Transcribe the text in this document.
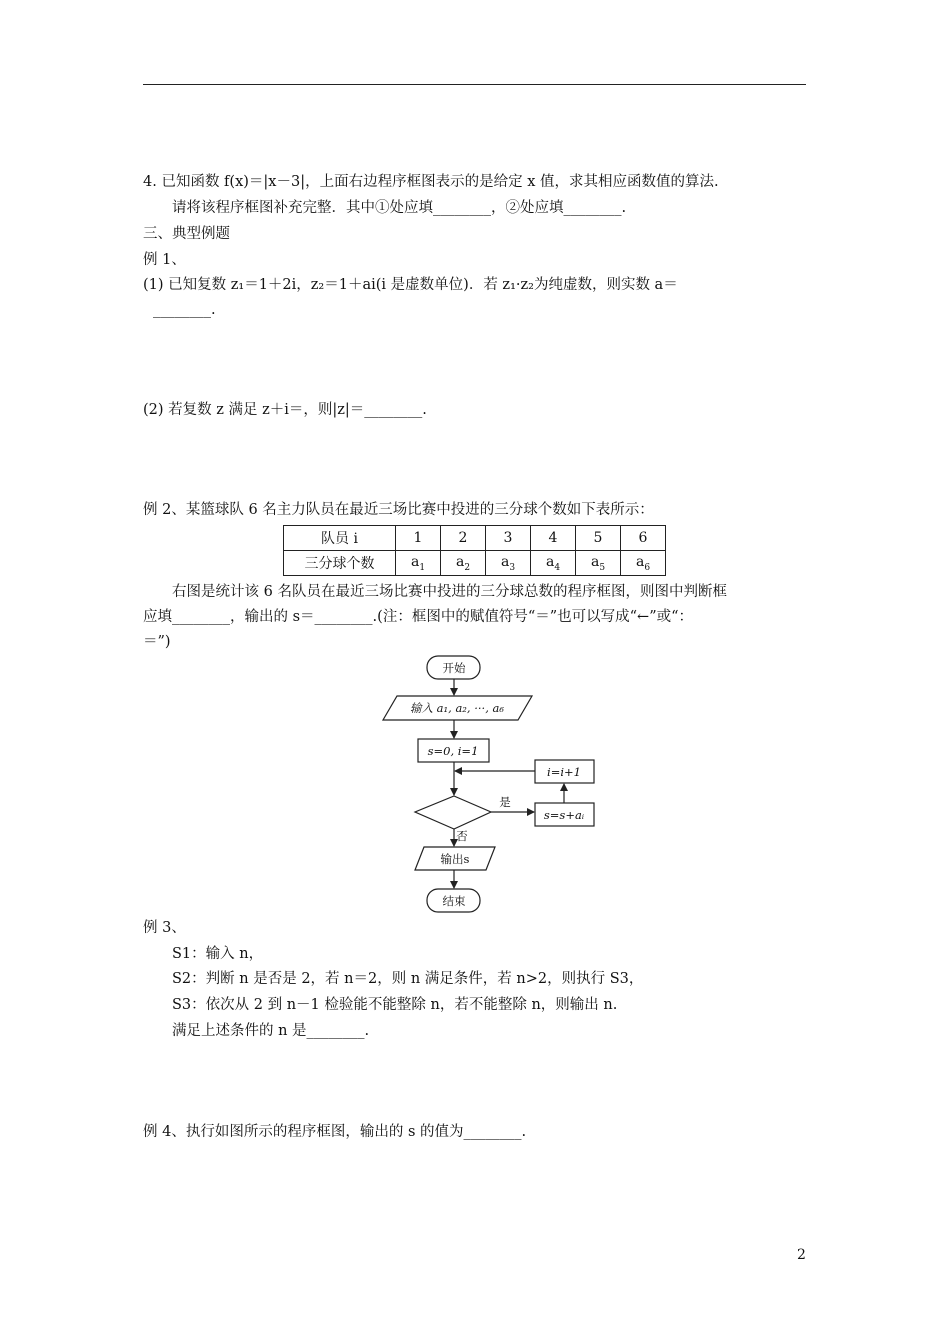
4. 已知函数 f(x)＝|x－3|，上面右边程序框图表示的是给定 x 值，求其相应函数值的算法.
请将该程序框图补充完整．其中①处应填________，②处应填________.
三、典型例题
例 1、
(1) 已知复数 z₁＝1＋2i，z₂＝1＋ai(i 是虚数单位)．若 z₁·z₂为纯虚数，则实数 a＝
________.
(2) 若复数 z 满足 z＋i＝，则|z|＝________.
例 2、某篮球队 6 名主力队员在最近三场比赛中投进的三分球个数如下表所示：
队员 i	1	2	3	4	5	6
三分球个数	$a_1$	$a_2$	$a_3$	$a_4$	$a_5$	$a_6$
右图是统计该 6 名队员在最近三场比赛中投进的三分球总数的程序框图，则图中判断框
应填________，输出的 s＝________.(注：框图中的赋值符号“＝”也可以写成“←”或“：
＝”)
开始
输入 a₁, a₂, ···, a₆
s=0, i=1
是
否
s=s+aᵢ
i=i+1
输出s
结束
例 3、
S1：输入 n，
S2：判断 n 是否是 2，若 n＝2，则 n 满足条件，若 n>2，则执行 S3，
S3：依次从 2 到 n－1 检验能不能整除 n，若不能整除 n，则输出 n.
满足上述条件的 n 是________.
例 4、执行如图所示的程序框图，输出的 s 的值为________.
2
